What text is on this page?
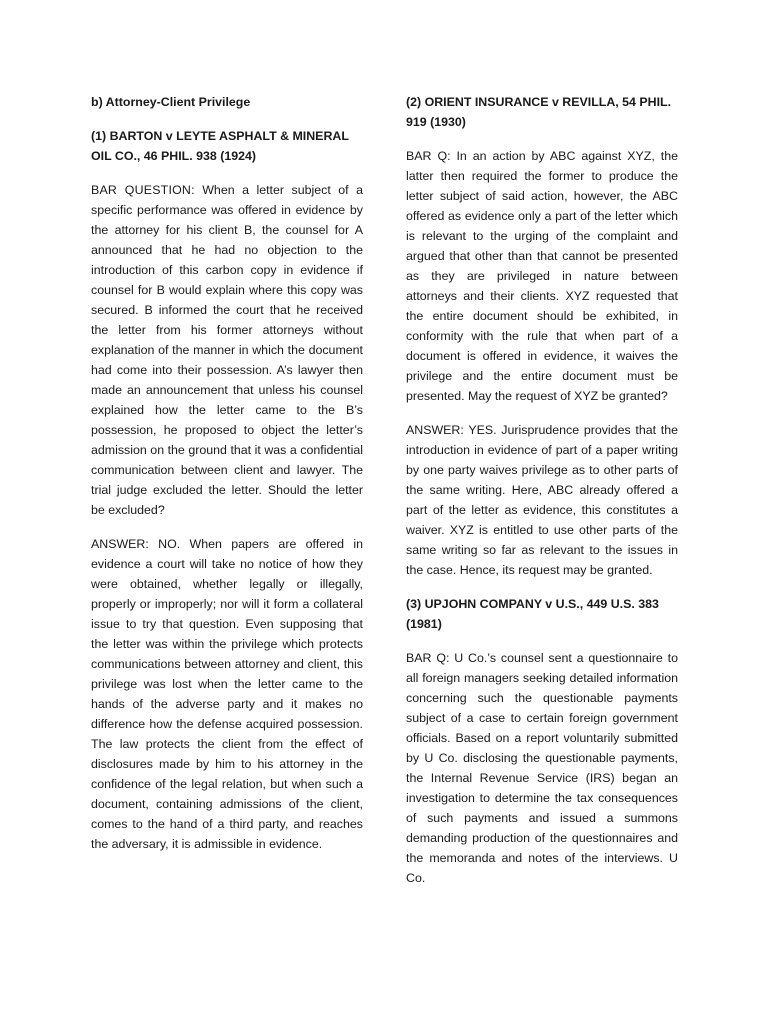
b) Attorney-Client Privilege

(1) BARTON v LEYTE ASPHALT & MINERAL OIL CO., 46 PHIL. 938 (1924)

BAR QUESTION: When a letter subject of a specific performance was offered in evidence by the attorney for his client B, the counsel for A announced that he had no objection to the introduction of this carbon copy in evidence if counsel for B would explain where this copy was secured. B informed the court that he received the letter from his former attorneys without explanation of the manner in which the document had come into their possession. A’s lawyer then made an announcement that unless his counsel explained how the letter came to the B’s possession, he proposed to object the letter’s admission on the ground that it was a confidential communication between client and lawyer. The trial judge excluded the letter. Should the letter be excluded?

ANSWER: NO. When papers are offered in evidence a court will take no notice of how they were obtained, whether legally or illegally, properly or improperly; nor will it form a collateral issue to try that question. Even supposing that the letter was within the privilege which protects communications between attorney and client, this privilege was lost when the letter came to the hands of the adverse party and it makes no difference how the defense acquired possession. The law protects the client from the effect of disclosures made by him to his attorney in the confidence of the legal relation, but when such a document, containing admissions of the client, comes to the hand of a third party, and reaches the adversary, it is admissible in evidence.

(2) ORIENT INSURANCE v REVILLA, 54 PHIL. 919 (1930)

BAR Q: In an action by ABC against XYZ, the latter then required the former to produce the letter subject of said action, however, the ABC offered as evidence only a part of the letter which is relevant to the urging of the complaint and argued that other than that cannot be presented as they are privileged in nature between attorneys and their clients. XYZ requested that the entire document should be exhibited, in conformity with the rule that when part of a document is offered in evidence, it waives the privilege and the entire document must be presented. May the request of XYZ be granted?

ANSWER: YES. Jurisprudence provides that the introduction in evidence of part of a paper writing by one party waives privilege as to other parts of the same writing. Here, ABC already offered a part of the letter as evidence, this constitutes a waiver. XYZ is entitled to use other parts of the same writing so far as relevant to the issues in the case. Hence, its request may be granted.

(3) UPJOHN COMPANY v U.S., 449 U.S. 383 (1981)

BAR Q: U Co.’s counsel sent a questionnaire to all foreign managers seeking detailed information concerning such the questionable payments subject of a case to certain foreign government officials. Based on a report voluntarily submitted by U Co. disclosing the questionable payments, the Internal Revenue Service (IRS) began an investigation to determine the tax consequences of such payments and issued a summons demanding production of the questionnaires and the memoranda and notes of the interviews. U Co.
